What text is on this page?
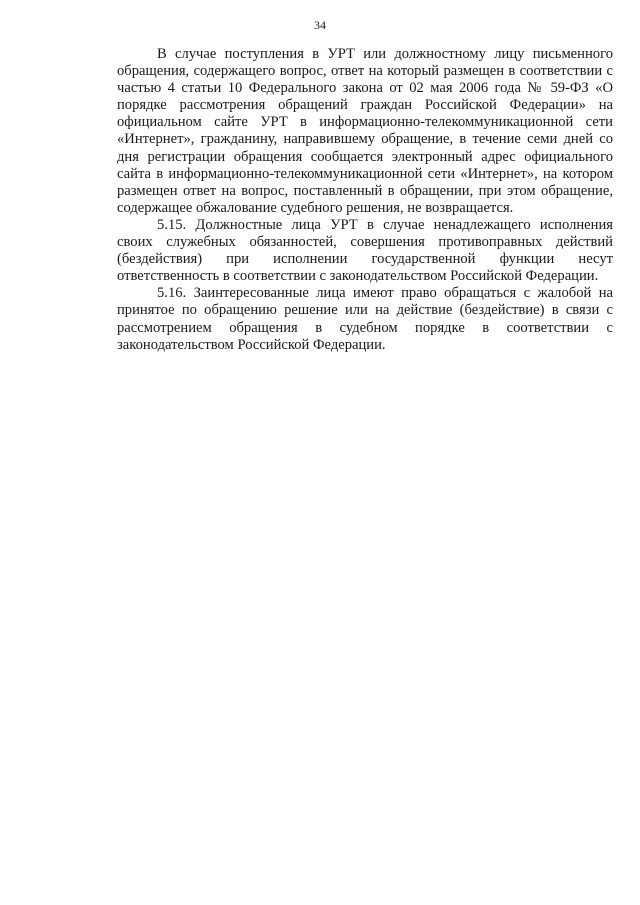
34

В случае поступления в УРТ или должностному лицу письменного обращения, содержащего вопрос, ответ на который размещен в соответствии с частью 4 статьи 10 Федерального закона от 02 мая 2006 года № 59-ФЗ «О порядке рассмотрения обращений граждан Российской Федерации» на официальном сайте УРТ в информационно-телекоммуникационной сети «Интернет», гражданину, направившему обращение, в течение семи дней со дня регистрации обращения сообщается электронный адрес официального сайта в информационно-телекоммуникационной сети «Интернет», на котором размещен ответ на вопрос, поставленный в обращении, при этом обращение, содержащее обжалование судебного решения, не возвращается.

5.15. Должностные лица УРТ в случае ненадлежащего исполнения своих служебных обязанностей, совершения противоправных действий (бездействия) при исполнении государственной функции несут ответственность в соответствии с законодательством Российской Федерации.

5.16. Заинтересованные лица имеют право обращаться с жалобой на принятое по обращению решение или на действие (бездействие) в связи с рассмотрением обращения в судебном порядке в соответствии с законодательством Российской Федерации.
